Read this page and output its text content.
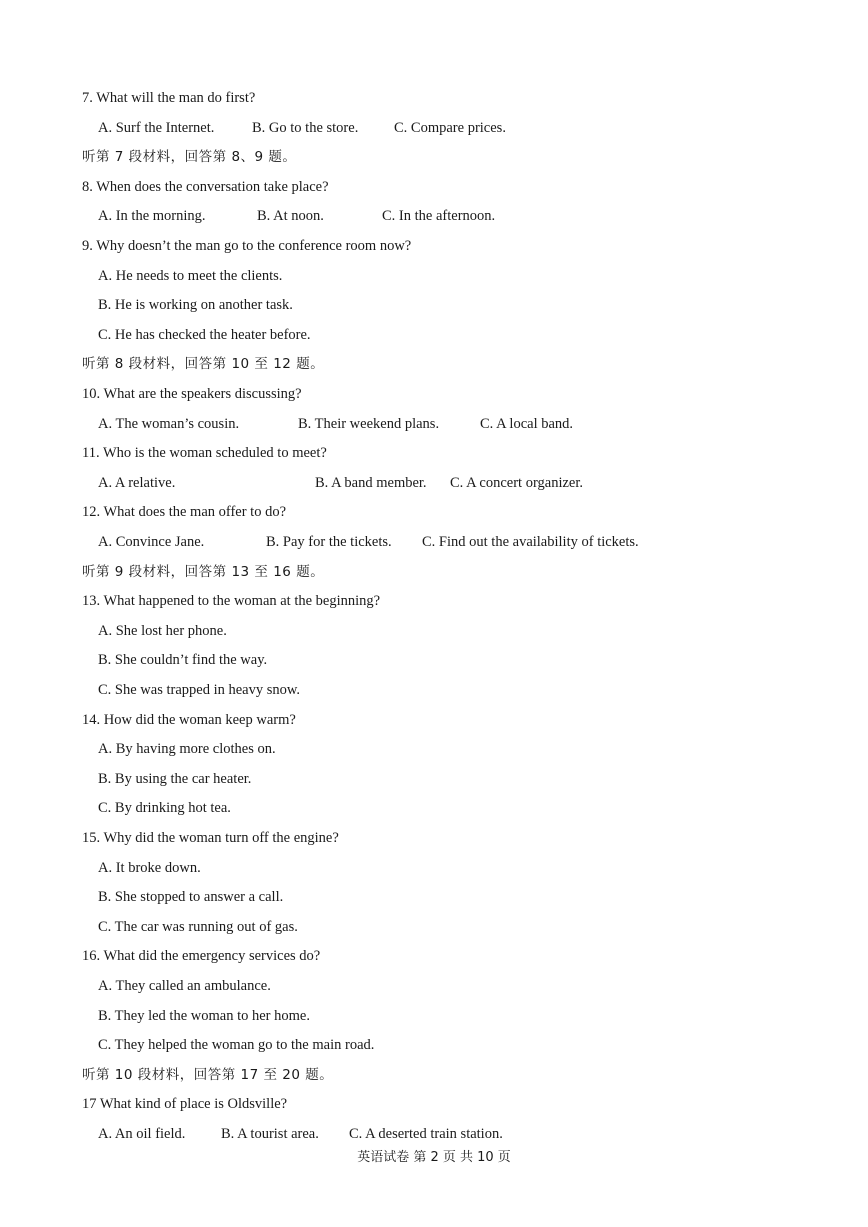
7. What will the man do first?
A. Surf the Internet.	B. Go to the store. C. Compare prices.
听第 7 段材料，回答第 8、9 题。
8. When does the conversation take place?
A. In the morning.	B. At noon.	C. In the afternoon.
9. Why doesn’t the man go to the conference room now?
A. He needs to meet the clients.
B. He is working on another task.
C. He has checked the heater before.
听第 8 段材料，回答第 10 至 12 题。
10. What are the speakers discussing?
A. The woman’s cousin.	B. Their weekend plans.	C. A local band.
11. Who is the woman scheduled to meet?
A. A relative.	B. A band member. C. A concert organizer.
12. What does the man offer to do?
A. Convince Jane.	B. Pay for the tickets. C. Find out the availability of tickets.
听第 9 段材料，回答第 13 至 16 题。
13. What happened to the woman at the beginning?
A. She lost her phone.
B. She couldn’t find the way.
C. She was trapped in heavy snow.
14. How did the woman keep warm?
A. By having more clothes on.
B. By using the car heater.
C. By drinking hot tea.
15. Why did the woman turn off the engine?
A. It broke down.
B. She stopped to answer a call.
C. The car was running out of gas.
16. What did the emergency services do?
A. They called an ambulance.
B. They led the woman to her home.
C. They helped the woman go to the main road.
听第 10 段材料，回答第 17 至 20 题。
17 What kind of place is Oldsville?
A. An oil field. B. A tourist area. C. A deserted train station.
英语试卷 第 2 页 共 10 页
